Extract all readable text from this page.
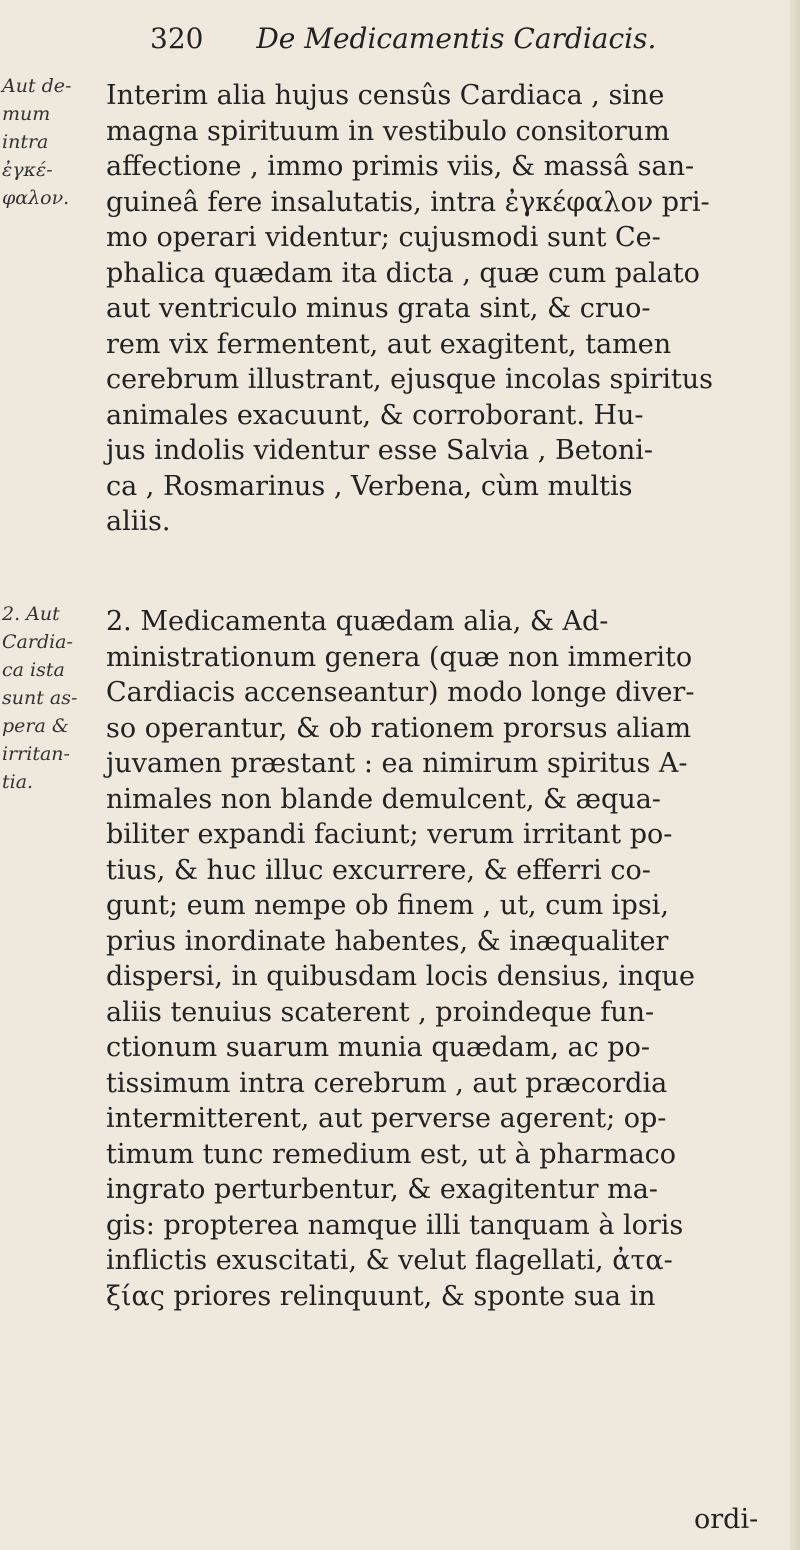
320 De Medicamentis Cardiacis.
Aut de-
mum
intra
ἐγκέ-
φαλον.
2. Aut
Cardia-
ca ista
sunt as-
pera &
irritan-
tia.
Interim alia hujus censûs Cardiaca , sine
magna spirituum in vestibulo consitorum
affectione , immo primis viis, & massâ san-
guineâ fere insalutatis, intra ἐγκέφαλον pri-
mo operari videntur; cujusmodi sunt Ce-
phalica quædam ita dicta , quæ cum palato
aut ventriculo minus grata sint, & cruo-
rem vix fermentent, aut exagitent, tamen
cerebrum illustrant, ejusque incolas spiritus
animales exacuunt, & corroborant. Hu-
jus indolis videntur esse Salvia , Betoni-
ca , Rosmarinus , Verbena, cùm multis
aliis.
2. Medicamenta quædam alia, & Ad-
ministrationum genera (quæ non immerito
Cardiacis accenseantur) modo longe diver-
so operantur, & ob rationem prorsus aliam
juvamen præstant : ea nimirum spiritus A-
nimales non blande demulcent, & æqua-
biliter expandi faciunt; verum irritant po-
tius, & huc illuc excurrere, & efferri co-
gunt; eum nempe ob finem , ut, cum ipsi,
prius inordinate habentes, & inæqualiter
dispersi, in quibusdam locis densius, inque
aliis tenuius scaterent , proindeque fun-
ctionum suarum munia quædam, ac po-
tissimum intra cerebrum , aut præcordia
intermitterent, aut perverse agerent; op-
timum tunc remedium est, ut à pharmaco
ingrato perturbentur, & exagitentur ma-
gis: propterea namque illi tanquam à loris
inflictis exuscitati, & velut flagellati, ἀτα-
ξίας priores relinquunt, & sponte sua in
ordi-
